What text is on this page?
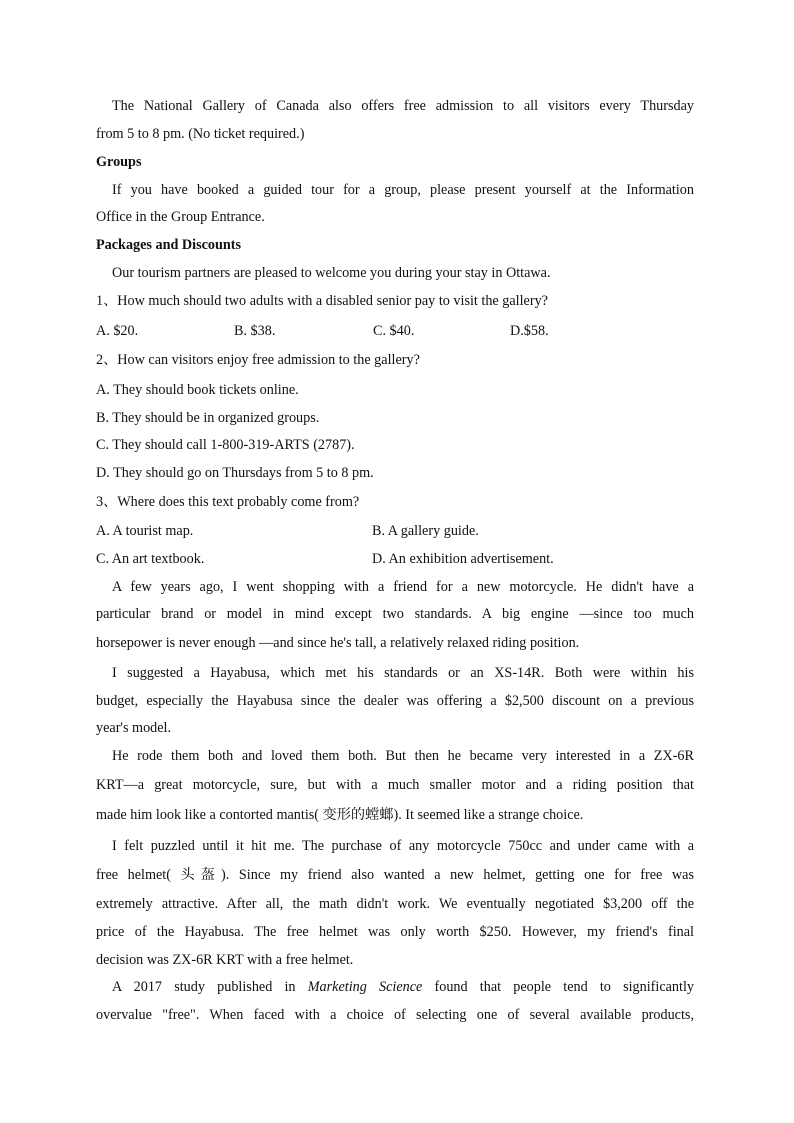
The National Gallery of Canada also offers free admission to all visitors every Thursday
from 5 to 8 pm. (No ticket required.)
Groups
If you have booked a guided tour for a group, please present yourself at the Information
Office in the Group Entrance.
Packages and Discounts
Our tourism partners are pleased to welcome you during your stay in Ottawa.
1、How much should two adults with a disabled senior pay to visit the gallery?
A. $20.	B. $38.	C. $40.	D.$58.
2、How can visitors enjoy free admission to the gallery?
A. They should book tickets online.
B. They should be in organized groups.
C. They should call 1-800-319-ARTS (2787).
D. They should go on Thursdays from 5 to 8 pm.
3、Where does this text probably come from?
A. A tourist map.	B. A gallery guide.
C. An art textbook.	D. An exhibition advertisement.
A few years ago, I went shopping with a friend for a new motorcycle. He didn't have a
particular brand or model in mind except two standards. A big engine —since too much
horsepower is never enough —and since he's tall, a relatively relaxed riding position.
I suggested a Hayabusa, which met his standards or an XS-14R. Both were within his
budget, especially the Hayabusa since the dealer was offering a $2,500 discount on a previous
year's model.
He rode them both and loved them both. But then he became very interested in a ZX-6R
KRT—a great motorcycle, sure, but with a much smaller motor and a riding position that
made him look like a contorted mantis( 变形的螳螂). It seemed like a strange choice.
I felt puzzled until it hit me. The purchase of any motorcycle 750cc and under came with a
free helmet( 头盔). Since my friend also wanted a new helmet, getting one for free was
extremely attractive. After all, the math didn't work. We eventually negotiated $3,200 off the
price of the Hayabusa. The free helmet was only worth $250. However, my friend's final
decision was ZX-6R KRT with a free helmet.
A 2017 study published in Marketing Science found that people tend to significantly
overvalue "free". When faced with a choice of selecting one of several available products,
